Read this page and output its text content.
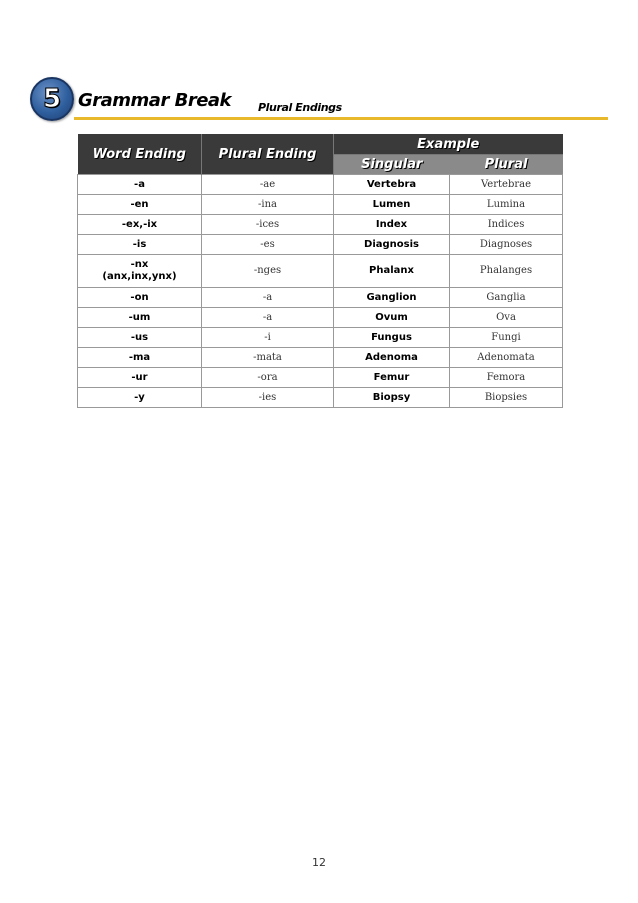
5 Grammar Break Plural Endings
Word Ending	Plural Ending	Example	
		Singular	Plural

-a	-ae	Vertebra	Vertebrae

-en	-ina	Lumen	Lumina

-ex,-ix	-ices	Index	Indices

-is	-es	Diagnosis	Diagnoses

-nx
(anx,inx,ynx)	-nges	Phalanx	Phalanges

-on	-a	Ganglion	Ganglia

-um	-a	Ovum	Ova

-us	-i	Fungus	Fungi

-ma	-mata	Adenoma	Adenomata

-ur	-ora	Femur	Femora

-y	-ies	Biopsy	Biopsies
12
